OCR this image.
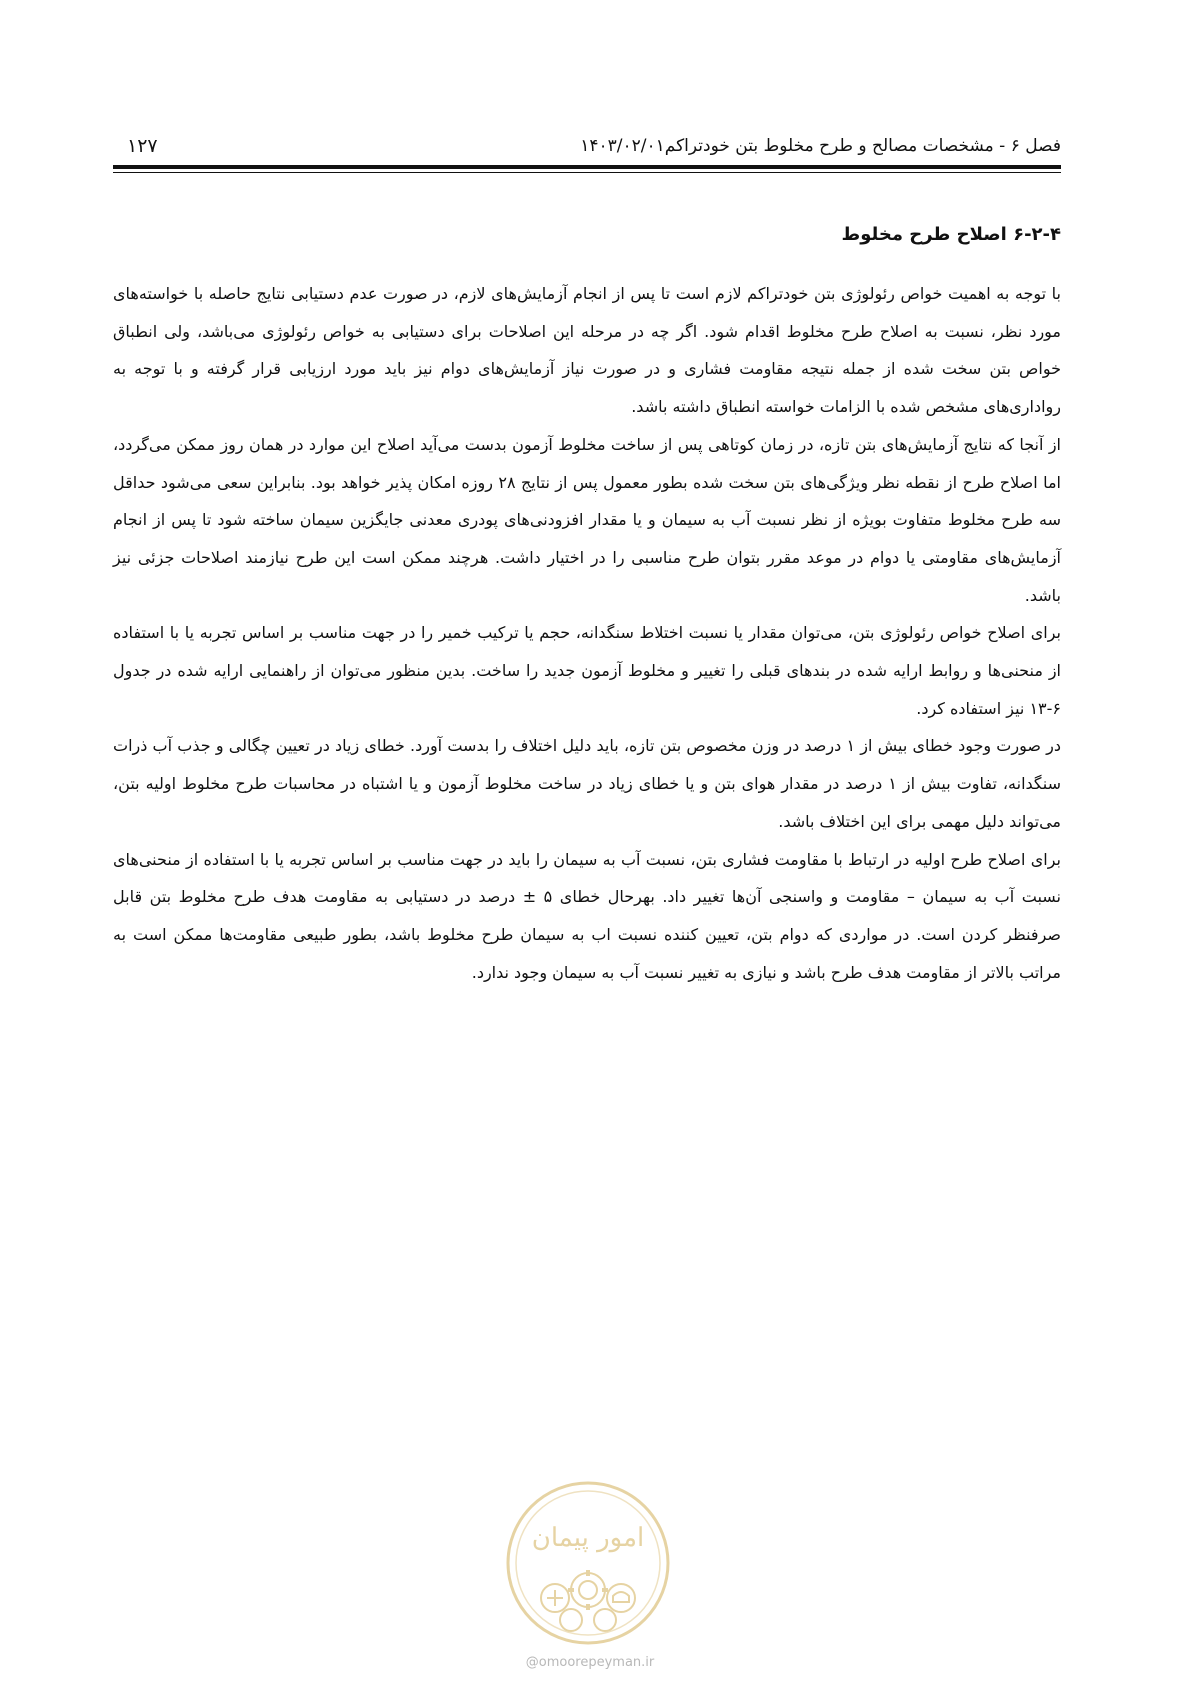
فصل ۶ - مشخصات مصالح و طرح مخلوط بتن خودتراکم۱۴۰۳/۰۲/۰۱
۱۲۷
۶-۲-۴ اصلاح طرح مخلوط

با توجه به اهمیت خواص رئولوژی بتن خودتراکم لازم است تا پس از انجام آزمایش‌های لازم، در صورت عدم دستیابی نتایج حاصله با خواسته‌های مورد نظر، نسبت به اصلاح طرح مخلوط اقدام شود. اگر چه در مرحله این اصلاحات برای دستیابی به خواص رئولوژی می‌باشد، ولی انطباق خواص بتن سخت شده از جمله نتیجه مقاومت فشاری و در صورت نیاز آزمایش‌های دوام نیز باید مورد ارزیابی قرار گرفته و با توجه به رواداری‌های مشخص شده با الزامات خواسته انطباق داشته باشد.

از آنجا که نتایج آزمایش‌های بتن تازه، در زمان کوتاهی پس از ساخت مخلوط آزمون بدست می‌آید اصلاح این موارد در همان روز ممکن می‌گردد، اما اصلاح طرح از نقطه نظر ویژگی‌های بتن سخت شده بطور معمول پس از نتایج ۲۸ روزه امکان پذیر خواهد بود. بنابراین سعی می‌شود حداقل سه طرح مخلوط متفاوت بویژه از نظر نسبت آب به سیمان و یا مقدار افزودنی‌های پودری معدنی جایگزین سیمان ساخته شود تا پس از انجام آزمایش‌های مقاومتی یا دوام در موعد مقرر بتوان طرح مناسبی را در اختیار داشت. هرچند ممکن است این طرح نیازمند اصلاحات جزئی نیز باشد.

برای اصلاح خواص رئولوژی بتن، می‌توان مقدار یا نسبت اختلاط سنگدانه، حجم یا ترکیب خمیر را در جهت مناسب بر اساس تجربه یا با استفاده از منحنی‌ها و روابط ارایه شده در بندهای قبلی را تغییر و مخلوط آزمون جدید را ساخت. بدین منظور می‌توان از راهنمایی ارایه شده در جدول ۶-۱۳ نیز استفاده کرد.

در صورت وجود خطای بیش از ۱ درصد در وزن مخصوص بتن تازه، باید دلیل اختلاف را بدست آورد. خطای زیاد در تعیین چگالی و جذب آب ذرات سنگدانه، تفاوت بیش از ۱ درصد در مقدار هوای بتن و یا خطای زیاد در ساخت مخلوط آزمون و یا اشتباه در محاسبات طرح مخلوط اولیه بتن، می‌تواند دلیل مهمی برای این اختلاف باشد.

برای اصلاح طرح اولیه در ارتباط با مقاومت فشاری بتن، نسبت آب به سیمان را باید در جهت مناسب بر اساس تجربه یا با استفاده از منحنی‌های نسبت آب به سیمان – مقاومت و واسنجی آن‌ها تغییر داد. بهرحال خطای ۵ ± درصد در دستیابی به مقاومت هدف طرح مخلوط بتن قابل صرفنظر کردن است. در مواردی که دوام بتن، تعیین کننده نسبت اب به سیمان طرح مخلوط باشد، بطور طبیعی مقاومت‌ها ممکن است به مراتب بالاتر از مقاومت هدف طرح باشد و نیازی به تغییر نسبت آب به سیمان وجود ندارد.

امور پیمان
@omoorepeyman.ir
